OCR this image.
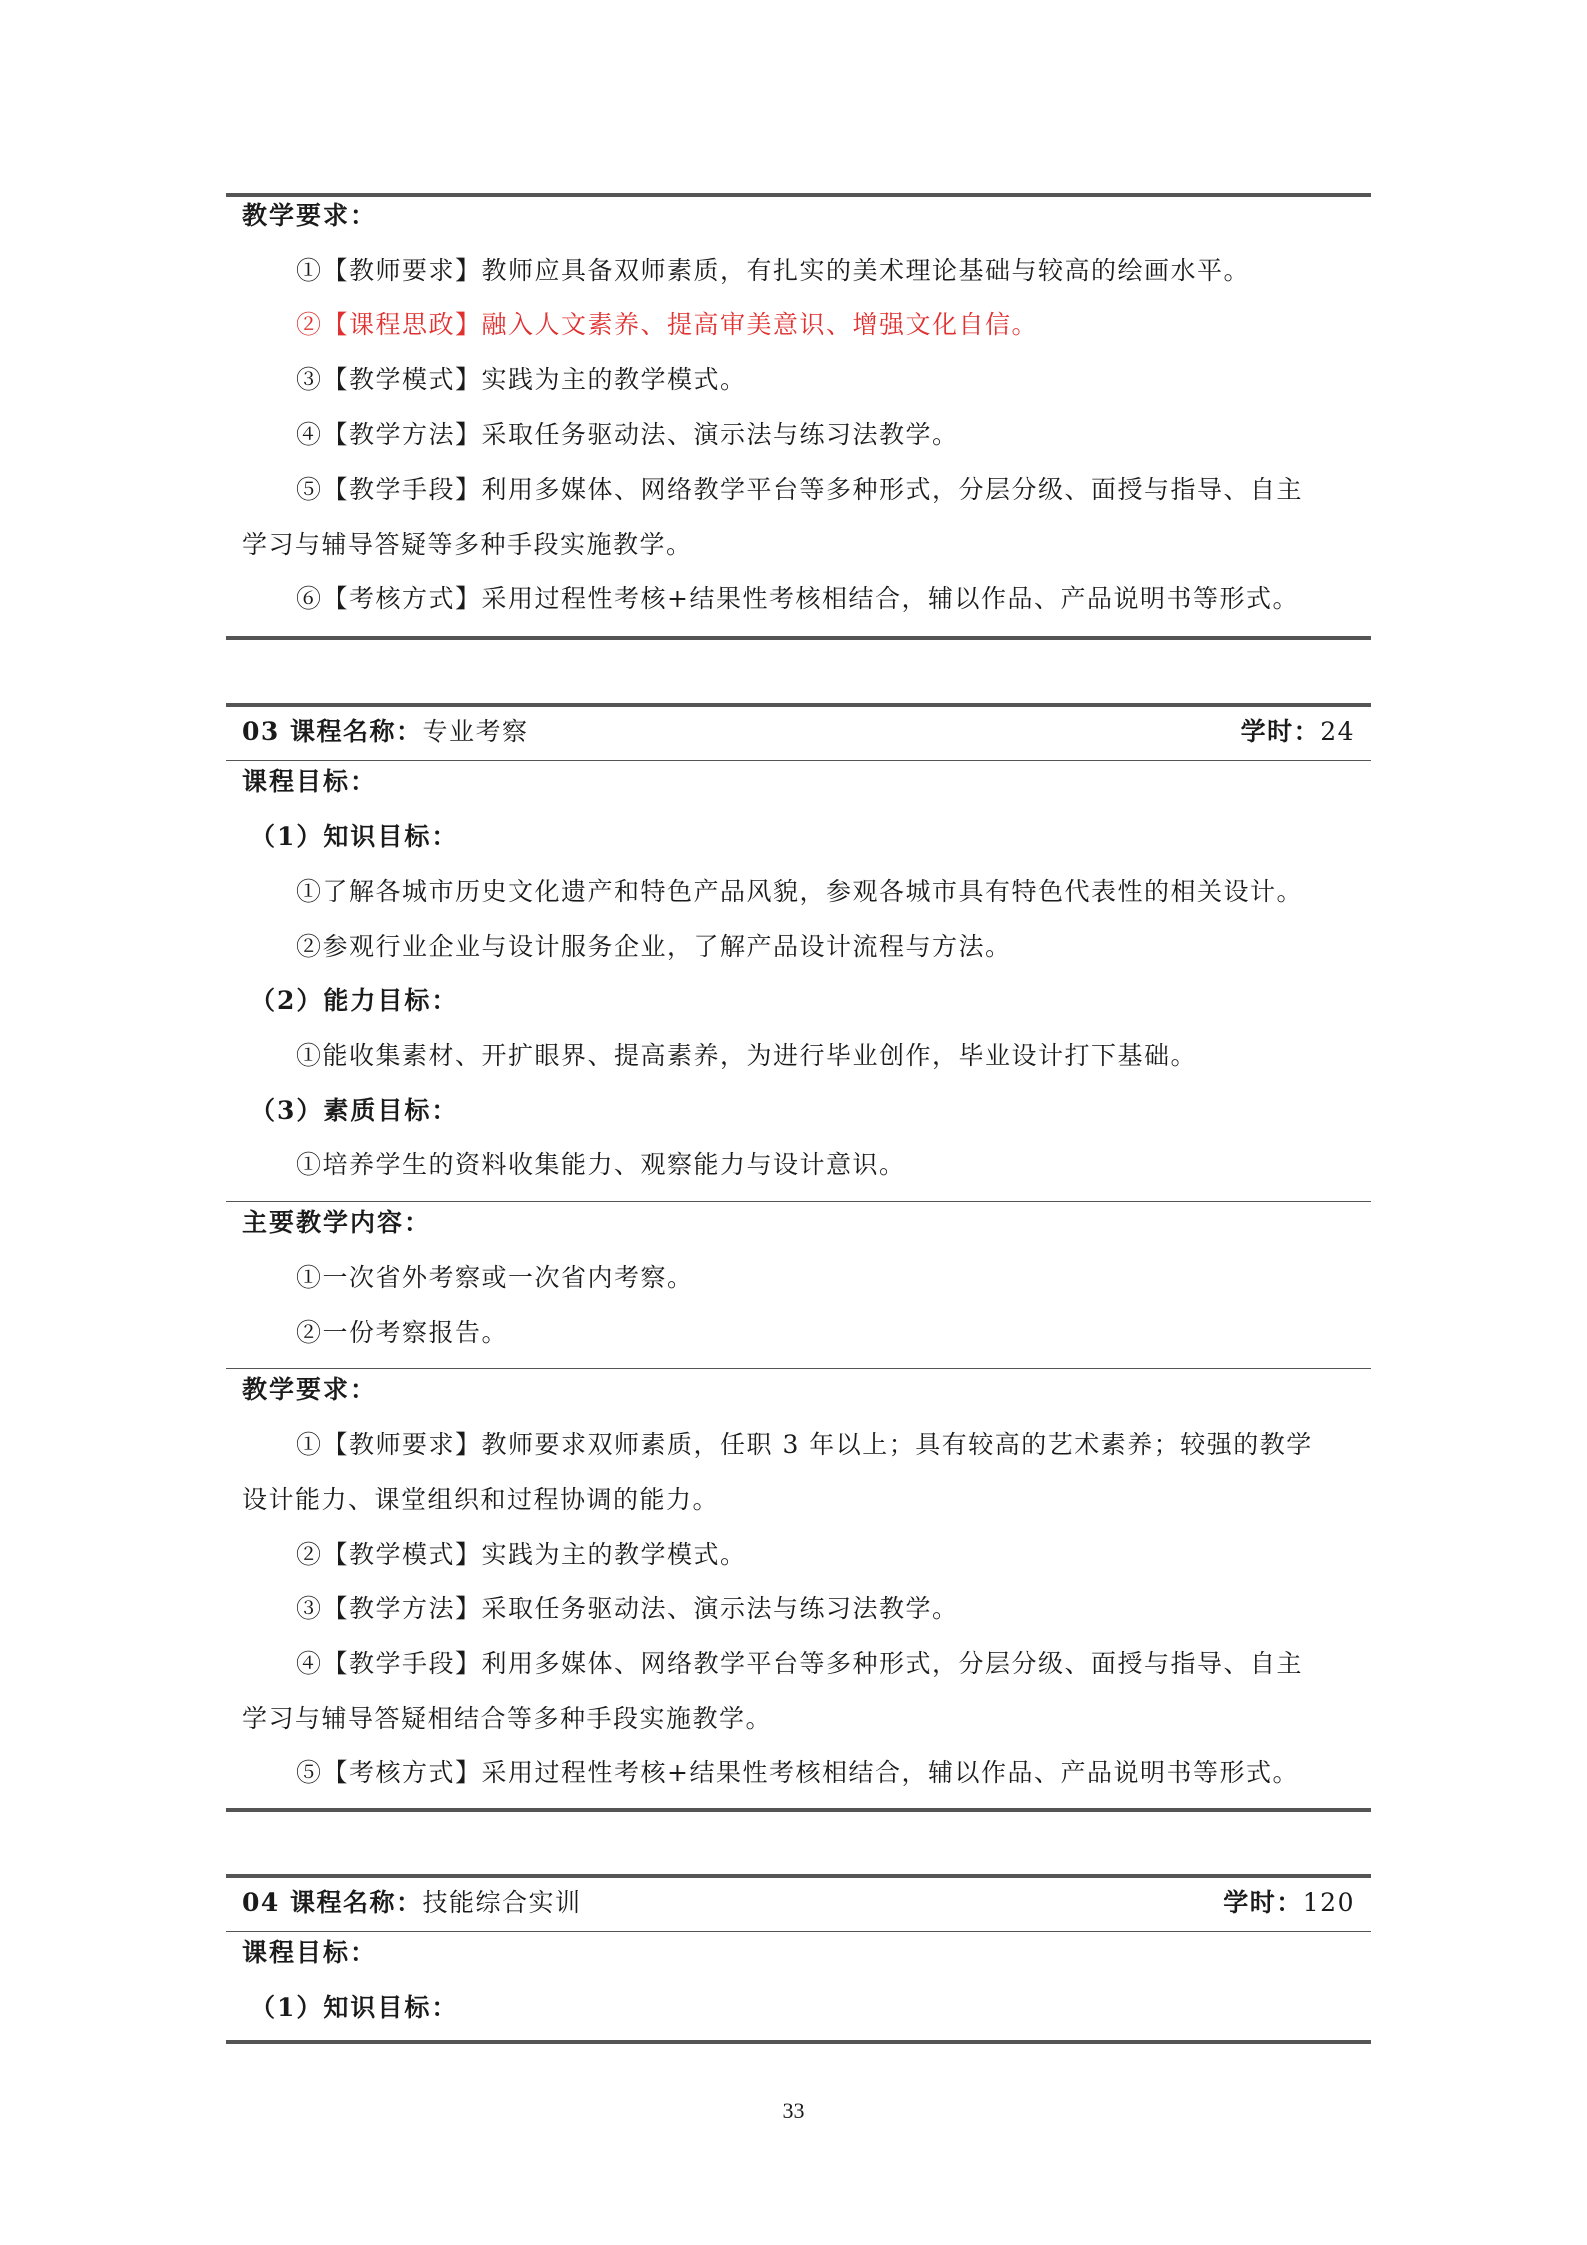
教学要求：
①【教师要求】教师应具备双师素质，有扎实的美术理论基础与较高的绘画水平。
②【课程思政】融入人文素养、提高审美意识、增强文化自信。
③【教学模式】实践为主的教学模式。
④【教学方法】采取任务驱动法、演示法与练习法教学。
⑤【教学手段】利用多媒体、网络教学平台等多种形式，分层分级、面授与指导、自主
学习与辅导答疑等多种手段实施教学。
⑥【考核方式】采用过程性考核+结果性考核相结合，辅以作品、产品说明书等形式。
03 课程名称：专业考察	学时：24
课程目标：
（1）知识目标：
①了解各城市历史文化遗产和特色产品风貌，参观各城市具有特色代表性的相关设计。
②参观行业企业与设计服务企业，了解产品设计流程与方法。
（2）能力目标：
①能收集素材、开扩眼界、提高素养，为进行毕业创作，毕业设计打下基础。
（3）素质目标：
①培养学生的资料收集能力、观察能力与设计意识。
主要教学内容：
①一次省外考察或一次省内考察。
②一份考察报告。
教学要求：
①【教师要求】教师要求双师素质，任职 3 年以上；具有较高的艺术素养；较强的教学
设计能力、课堂组织和过程协调的能力。
②【教学模式】实践为主的教学模式。
③【教学方法】采取任务驱动法、演示法与练习法教学。
④【教学手段】利用多媒体、网络教学平台等多种形式，分层分级、面授与指导、自主
学习与辅导答疑相结合等多种手段实施教学。
⑤【考核方式】采用过程性考核+结果性考核相结合，辅以作品、产品说明书等形式。
04 课程名称：技能综合实训	学时：120
课程目标：
（1）知识目标：
33
